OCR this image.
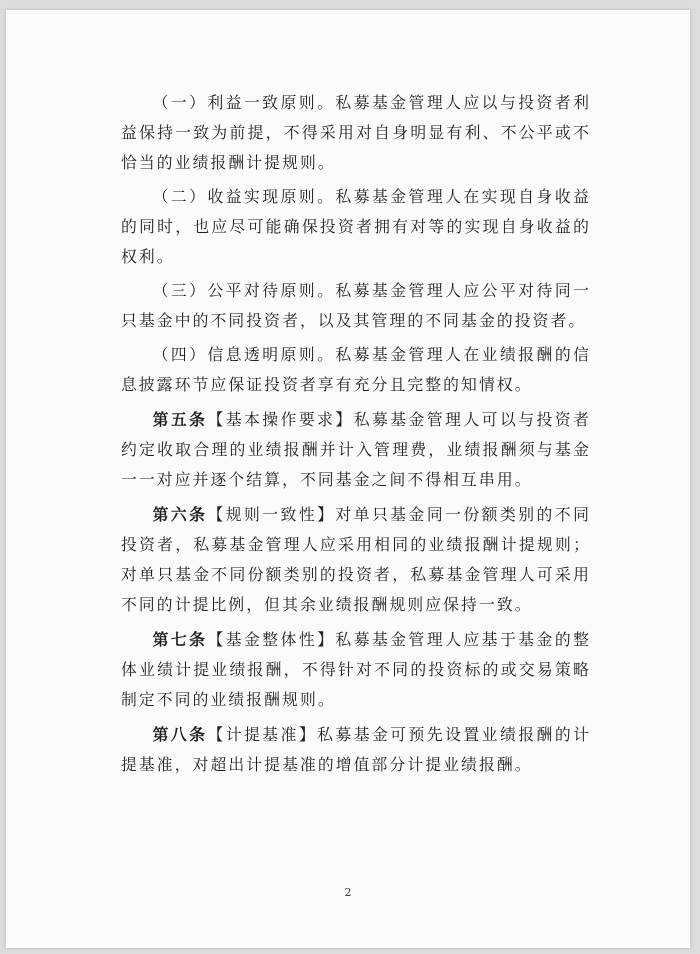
（一）利益一致原则。私募基金管理人应以与投资者利益保持一致为前提，不得采用对自身明显有利、不公平或不恰当的业绩报酬计提规则。

（二）收益实现原则。私募基金管理人在实现自身收益的同时，也应尽可能确保投资者拥有对等的实现自身收益的权利。

（三）公平对待原则。私募基金管理人应公平对待同一只基金中的不同投资者，以及其管理的不同基金的投资者。

（四）信息透明原则。私募基金管理人在业绩报酬的信息披露环节应保证投资者享有充分且完整的知情权。

第五条【基本操作要求】私募基金管理人可以与投资者约定收取合理的业绩报酬并计入管理费，业绩报酬须与基金一一对应并逐个结算，不同基金之间不得相互串用。

第六条【规则一致性】对单只基金同一份额类别的不同投资者，私募基金管理人应采用相同的业绩报酬计提规则；对单只基金不同份额类别的投资者，私募基金管理人可采用不同的计提比例，但其余业绩报酬规则应保持一致。

第七条【基金整体性】私募基金管理人应基于基金的整体业绩计提业绩报酬，不得针对不同的投资标的或交易策略制定不同的业绩报酬规则。

第八条【计提基准】私募基金可预先设置业绩报酬的计提基准，对超出计提基准的增值部分计提业绩报酬。

2
